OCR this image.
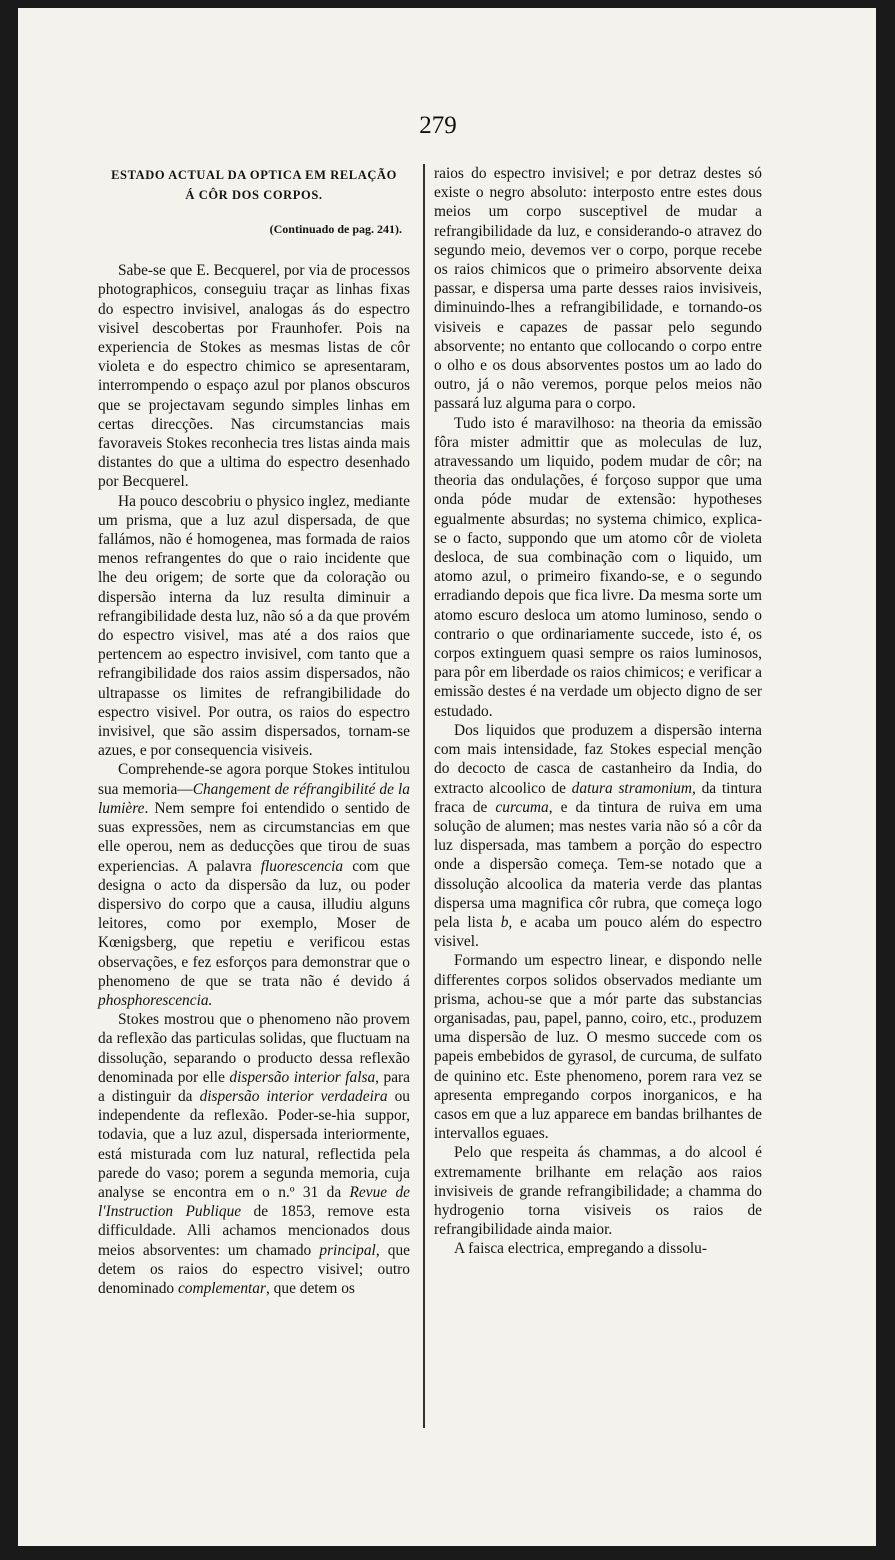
279
ESTADO ACTUAL DA OPTICA EM RELAÇÃO
Á CÔR DOS CORPOS.
(Continuado de pag. 241).

Sabe-se que E. Becquerel, por via de processos photographicos, conseguiu traçar as linhas fixas do espectro invisivel, analogas ás do espectro visivel descobertas por Fraunhofer. Pois na experiencia de Stokes as mesmas listas de côr violeta e do espectro chimico se apresentaram, interrompendo o espaço azul por planos obscuros que se projectavam segundo simples linhas em certas direcções. Nas circumstancias mais favoraveis Stokes reconhecia tres listas ainda mais distantes do que a ultima do espectro desenhado por Becquerel.

Ha pouco descobriu o physico inglez, mediante um prisma, que a luz azul dispersada, de que fallámos, não é homogenea, mas formada de raios menos refrangentes do que o raio incidente que lhe deu origem; de sorte que da coloração ou dispersão interna da luz resulta diminuir a refrangibilidade desta luz, não só a da que provém do espectro visivel, mas até a dos raios que pertencem ao espectro invisivel, com tanto que a refrangibilidade dos raios assim dispersados, não ultrapasse os limites de refrangibilidade do espectro visivel. Por outra, os raios do espectro invisivel, que são assim dispersados, tornam-se azues, e por consequencia visiveis.

Comprehende-se agora porque Stokes intitulou sua memoria—Changement de réfrangibilité de la lumière. Nem sempre foi entendido o sentido de suas expressões, nem as circumstancias em que elle operou, nem as deducções que tirou de suas experiencias. A palavra fluorescencia com que designa o acto da dispersão da luz, ou poder dispersivo do corpo que a causa, illudiu alguns leitores, como por exemplo, Moser de Kœnigsberg, que repetiu e verificou estas observações, e fez esforços para demonstrar que o phenomeno de que se trata não é devido á phosphorescencia.

Stokes mostrou que o phenomeno não provem da reflexão das particulas solidas, que fluctuam na dissolução, separando o producto dessa reflexão denominada por elle dispersão interior falsa, para a distinguir da dispersão interior verdadeira ou independente da reflexão. Poder-se-hia suppor, todavia, que a luz azul, dispersada interiormente, está misturada com luz natural, reflectida pela parede do vaso; porem a segunda memoria, cuja analyse se encontra em o n.º 31 da Revue de l'Instruction Publique de 1853, remove esta difficuldade. Alli achamos mencionados dous meios absorventes: um chamado principal, que detem os raios do espectro visivel; outro denominado complementar, que detem os

raios do espectro invisivel; e por detraz destes só existe o negro absoluto: interposto entre estes dous meios um corpo susceptivel de mudar a refrangibilidade da luz, e considerando-o atravez do segundo meio, devemos ver o corpo, porque recebe os raios chimicos que o primeiro absorvente deixa passar, e dispersa uma parte desses raios invisiveis, diminuindo-lhes a refrangibilidade, e tornando-os visiveis e capazes de passar pelo segundo absorvente; no entanto que collocando o corpo entre o olho e os dous absorventes postos um ao lado do outro, já o não veremos, porque pelos meios não passará luz alguma para o corpo.

Tudo isto é maravilhoso: na theoria da emissão fôra mister admittir que as moleculas de luz, atravessando um liquido, podem mudar de côr; na theoria das ondulações, é forçoso suppor que uma onda póde mudar de extensão: hypotheses egualmente absurdas; no systema chimico, explica-se o facto, suppondo que um atomo côr de violeta desloca, de sua combinação com o liquido, um atomo azul, o primeiro fixando-se, e o segundo erradiando depois que fica livre. Da mesma sorte um atomo escuro desloca um atomo luminoso, sendo o contrario o que ordinariamente succede, isto é, os corpos extinguem quasi sempre os raios luminosos, para pôr em liberdade os raios chimicos; e verificar a emissão destes é na verdade um objecto digno de ser estudado.

Dos liquidos que produzem a dispersão interna com mais intensidade, faz Stokes especial menção do decocto de casca de castanheiro da India, do extracto alcoolico de datura stramonium, da tintura fraca de curcuma, e da tintura de ruiva em uma solução de alumen; mas nestes varia não só a côr da luz dispersada, mas tambem a porção do espectro onde a dispersão começa. Tem-se notado que a dissolução alcoolica da materia verde das plantas dispersa uma magnifica côr rubra, que começa logo pela lista b, e acaba um pouco além do espectro visivel.

Formando um espectro linear, e dispondo nelle differentes corpos solidos observados mediante um prisma, achou-se que a mór parte das substancias organisadas, pau, papel, panno, coiro, etc., produzem uma dispersão de luz. O mesmo succede com os papeis embebidos de gyrasol, de curcuma, de sulfato de quinino etc. Este phenomeno, porem rara vez se apresenta empregando corpos inorganicos, e ha casos em que a luz apparece em bandas brilhantes de intervallos eguaes.

Pelo que respeita ás chammas, a do alcool é extremamente brilhante em relação aos raios invisiveis de grande refrangibilidade; a chamma do hydrogenio torna visiveis os raios de refrangibilidade ainda maior.

A faisca electrica, empregando a dissolu-
